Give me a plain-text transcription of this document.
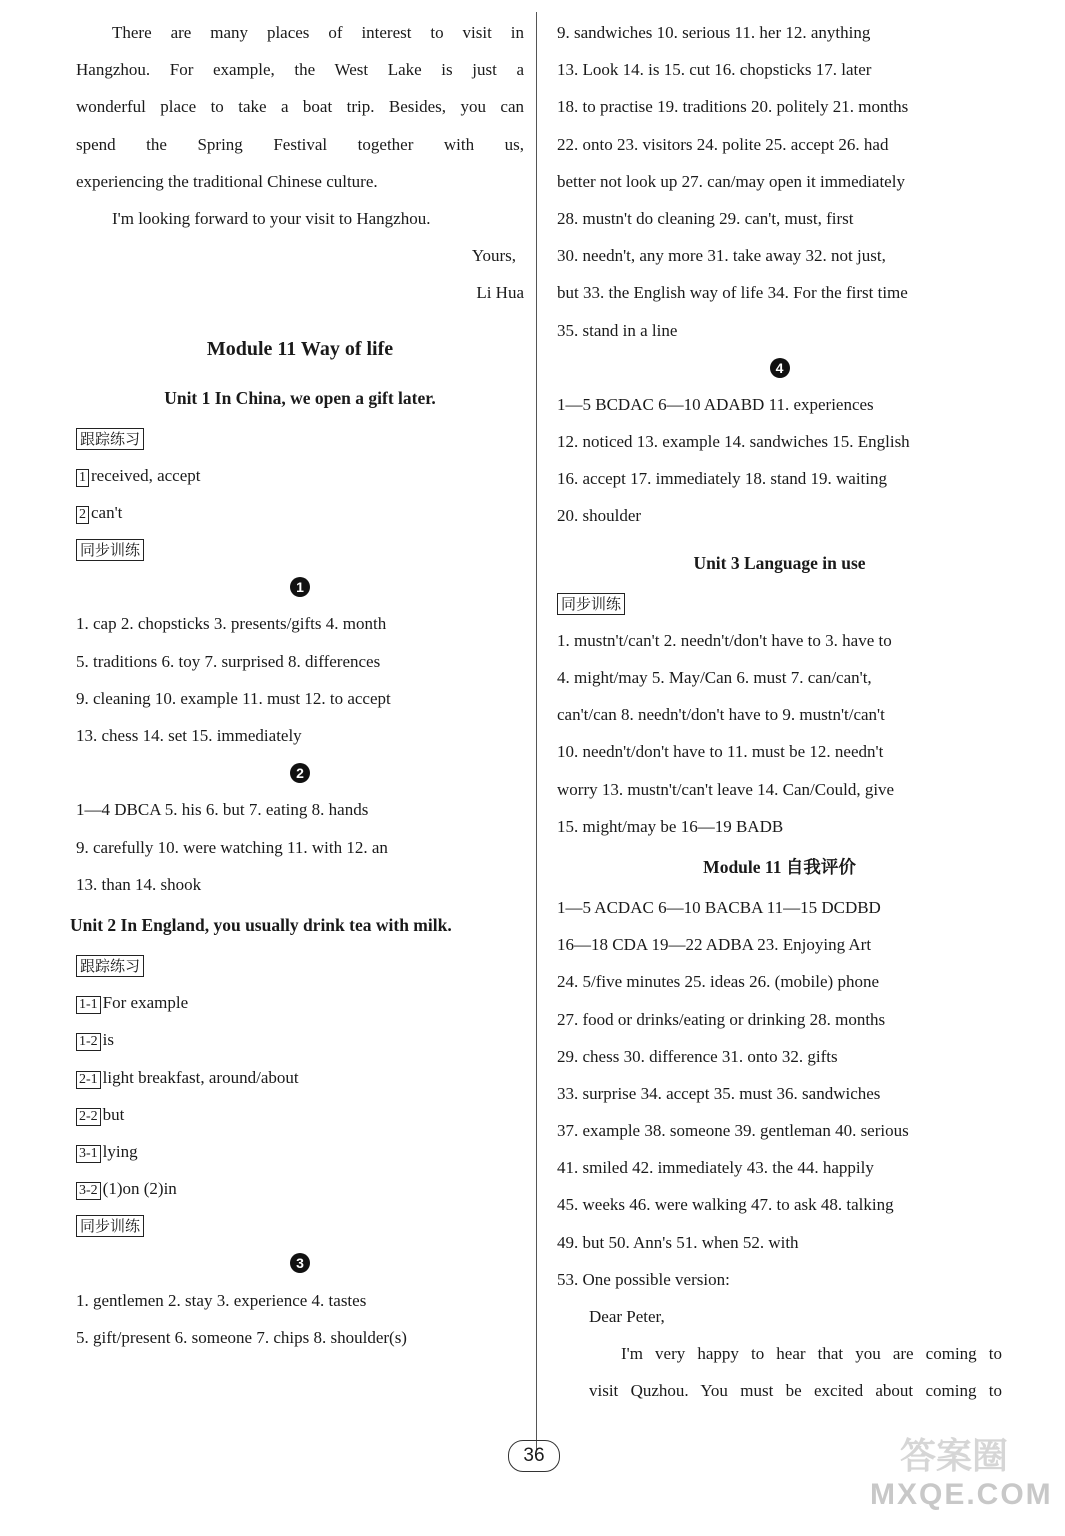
There are many places of interest to visit in
Hangzhou. For example, the West Lake is just a
wonderful place to take a boat trip. Besides, you can
spend the Spring Festival together with us,
experiencing the traditional Chinese culture.
I'm looking forward to your visit to Hangzhou.
Yours,
Li Hua
Module 11 Way of life
Unit 1 In China, we open a gift later.
跟踪练习
1 received, accept
2 can't
同步训练
1
1. cap 2. chopsticks 3. presents/gifts 4. month
5. traditions 6. toy 7. surprised 8. differences
9. cleaning 10. example 11. must 12. to accept
13. chess 14. set 15. immediately
2
1—4 DBCA 5. his 6. but 7. eating 8. hands
9. carefully 10. were watching 11. with 12. an
13. than 14. shook
Unit 2 In England, you usually drink tea with milk.
跟踪练习
1-1 For example
1-2 is
2-1 light breakfast, around/about
2-2 but
3-1 lying
3-2 (1)on (2)in
同步训练
3
1. gentlemen 2. stay 3. experience 4. tastes
5. gift/present 6. someone 7. chips 8. shoulder(s)
9. sandwiches 10. serious 11. her 12. anything
13. Look 14. is 15. cut 16. chopsticks 17. later
18. to practise 19. traditions 20. politely 21. months
22. onto 23. visitors 24. polite 25. accept 26. had
better not look up 27. can/may open it immediately
28. mustn't do cleaning 29. can't, must, first
30. needn't, any more 31. take away 32. not just,
but 33. the English way of life 34. For the first time
35. stand in a line
4
1—5 BCDAC 6—10 ADABD 11. experiences
12. noticed 13. example 14. sandwiches 15. English
16. accept 17. immediately 18. stand 19. waiting
20. shoulder
Unit 3 Language in use
同步训练
1. mustn't/can't 2. needn't/don't have to 3. have to
4. might/may 5. May/Can 6. must 7. can/can't,
can't/can 8. needn't/don't have to 9. mustn't/can't
10. needn't/don't have to 11. must be 12. needn't
worry 13. mustn't/can't leave 14. Can/Could, give
15. might/may be 16—19 BADB
Module 11 自我评价
1—5 ACDAC 6—10 BACBA 11—15 DCDBD
16—18 CDA 19—22 ADBA 23. Enjoying Art
24. 5/five minutes 25. ideas 26. (mobile) phone
27. food or drinks/eating or drinking 28. months
29. chess 30. difference 31. onto 32. gifts
33. surprise 34. accept 35. must 36. sandwiches
37. example 38. someone 39. gentleman 40. serious
41. smiled 42. immediately 43. the 44. happily
45. weeks 46. were walking 47. to ask 48. talking
49. but 50. Ann's 51. when 52. with
53. One possible version:
Dear Peter,
I'm very happy to hear that you are coming to
visit Quzhou. You must be excited about coming to
36	答案圈
MXQE.COM
